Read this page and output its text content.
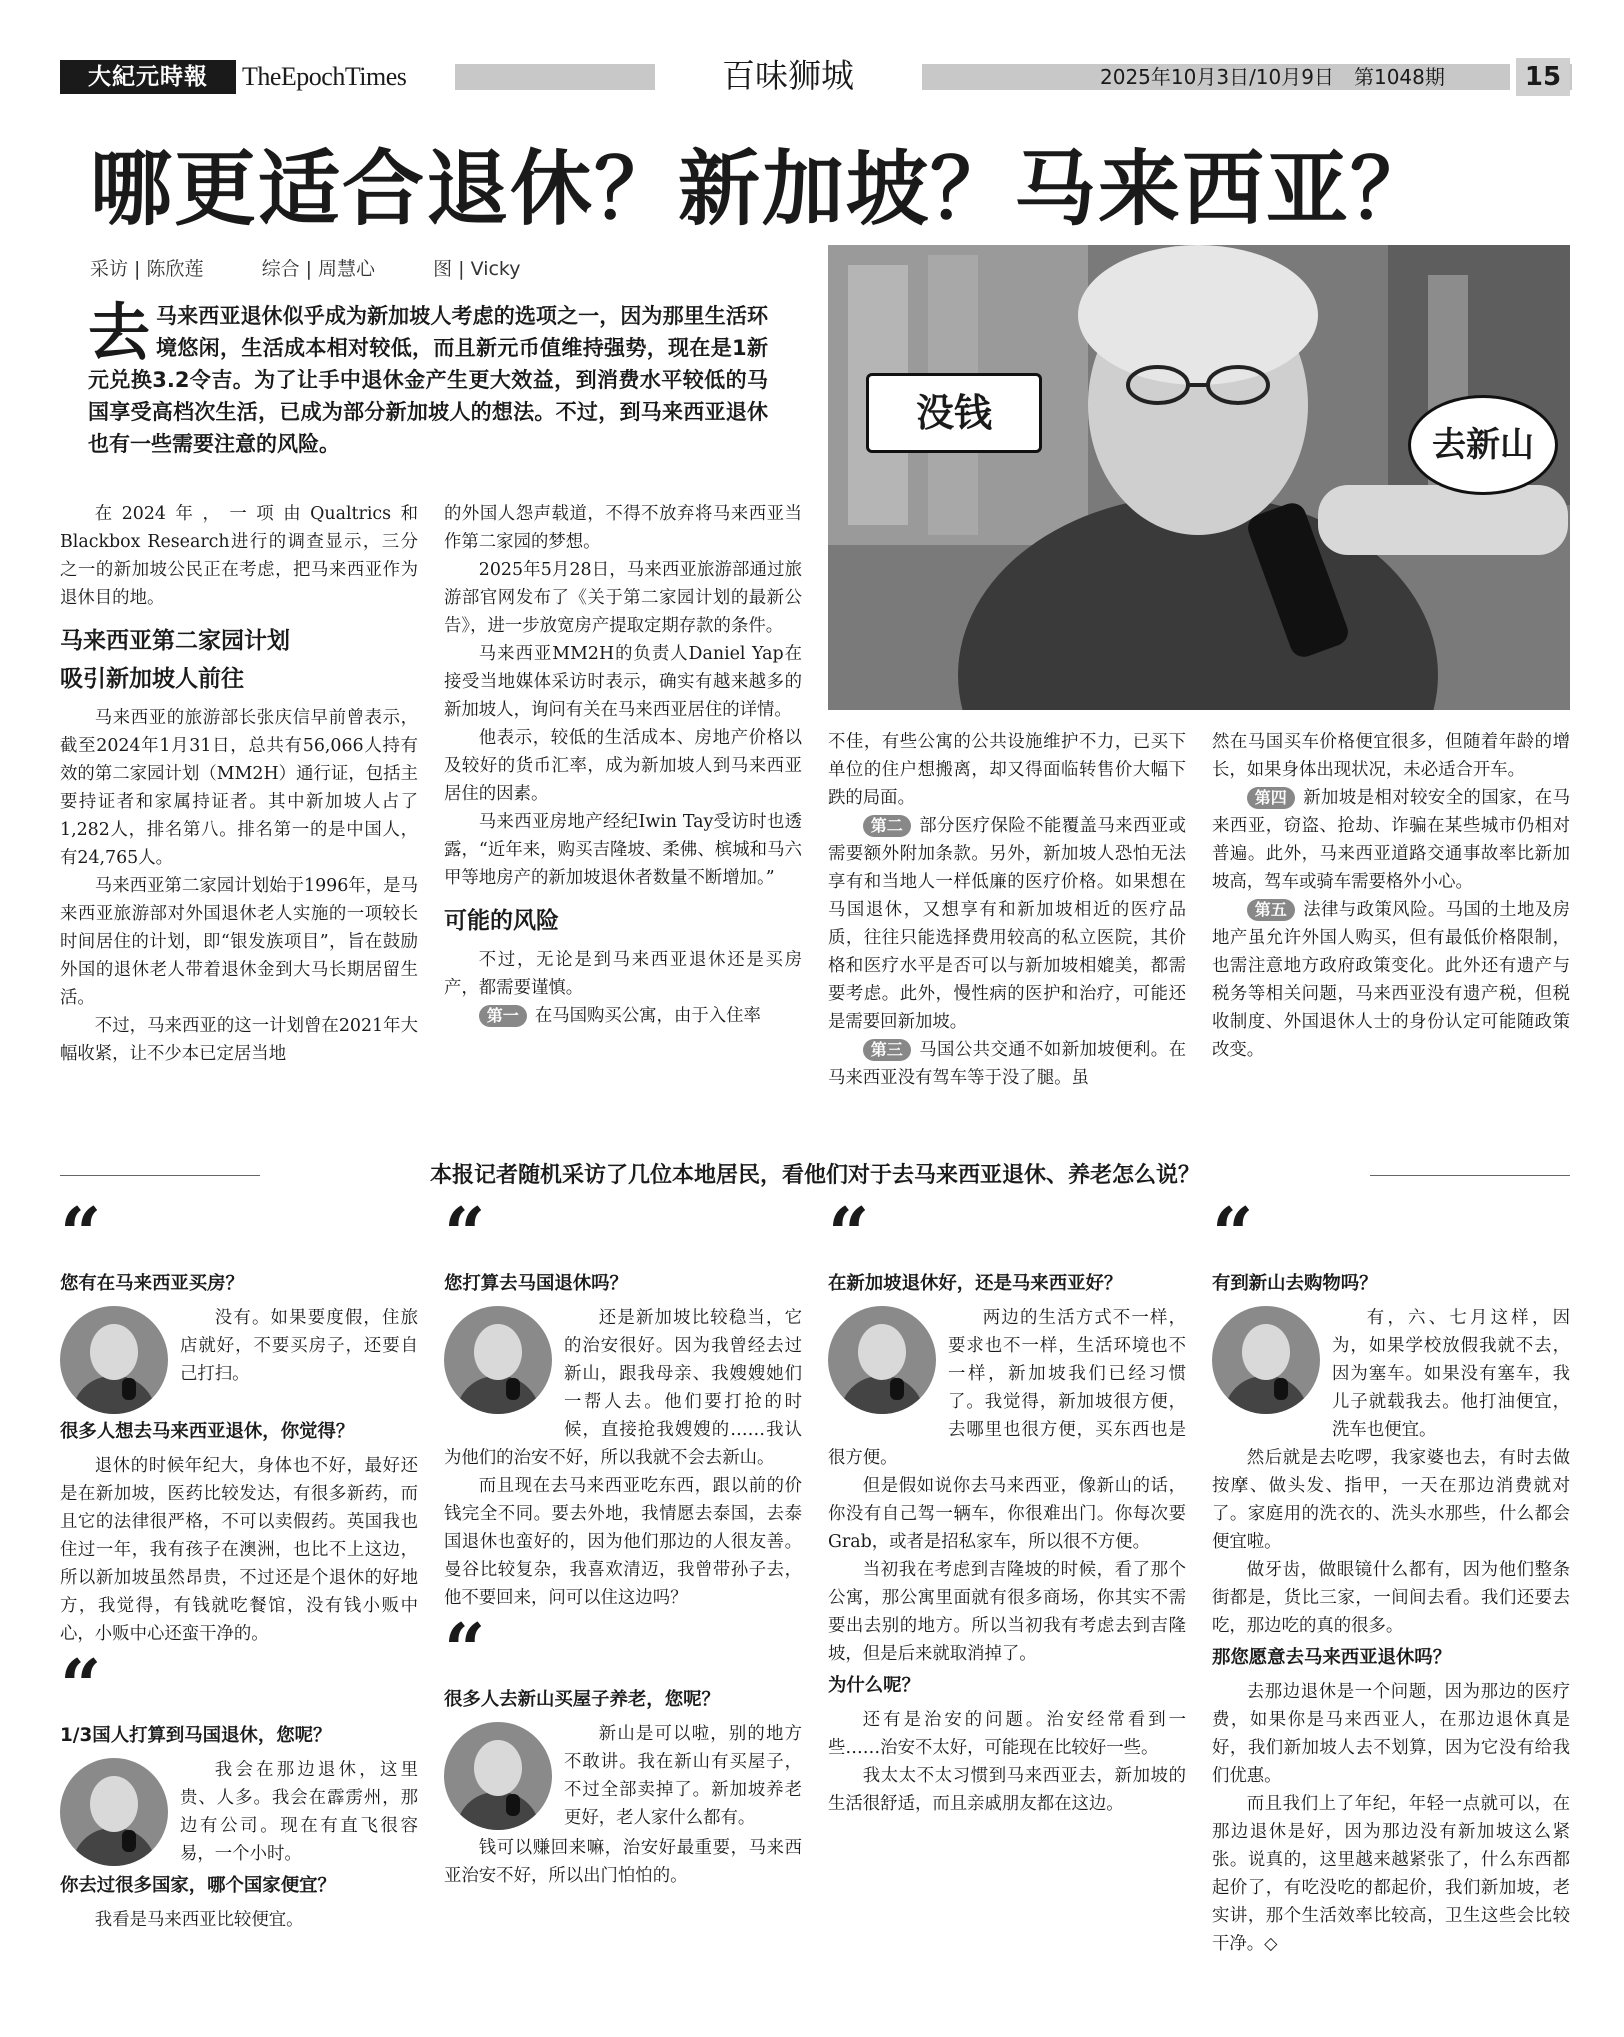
大紀元時報	TheEpochTimes	百味狮城	2025年10月3日/10月9日　第1048期	15
哪更适合退休？新加坡？马来西亚？
采访 | 陈欣莲	综合 | 周慧心	图 | Vicky
去 马来西亚退休似乎成为新加坡人考虑的选项之一，因为那里生活环境悠闲，生活成本相对较低，而且新元币值维持强势，现在是1新元兑换3.2令吉。为了让手中退休金产生更大效益，到消费水平较低的马国享受高档次生活，已成为部分新加坡人的想法。不过，到马来西亚退休也有一些需要注意的风险。
没钱
去新山

在2024年，一项由Qualtrics和Blackbox Research进行的调查显示，三分之一的新加坡公民正在考虑，把马来西亚作为退休目的地。

马来西亚第二家园计划
吸引新加坡人前往

马来西亚的旅游部长张庆信早前曾表示，截至2024年1月31日，总共有56,066人持有效的第二家园计划（MM2H）通行证，包括主要持证者和家属持证者。其中新加坡人占了1,282人，排名第八。排名第一的是中国人，有24,765人。

马来西亚第二家园计划始于1996年，是马来西亚旅游部对外国退休老人实施的一项较长时间居住的计划，即“银发族项目”，旨在鼓励外国的退休老人带着退休金到大马长期居留生活。

不过，马来西亚的这一计划曾在2021年大幅收紧，让不少本已定居当地

的外国人怨声载道，不得不放弃将马来西亚当作第二家园的梦想。

2025年5月28日，马来西亚旅游部通过旅游部官网发布了《关于第二家园计划的最新公告》，进一步放宽房产提取定期存款的条件。

马来西亚MM2H的负责人Daniel Yap在接受当地媒体采访时表示，确实有越来越多的新加坡人，询问有关在马来西亚居住的详情。

他表示，较低的生活成本、房地产价格以及较好的货币汇率，成为新加坡人到马来西亚居住的因素。

马来西亚房地产经纪Iwin Tay受访时也透露，“近年来，购买吉隆坡、柔佛、槟城和马六甲等地房产的新加坡退休者数量不断增加。”

可能的风险

不过，无论是到马来西亚退休还是买房产，都需要谨慎。

第一 在马国购买公寓，由于入住率

不佳，有些公寓的公共设施维护不力，已买下单位的住户想搬离，却又得面临转售价大幅下跌的局面。

第二 部分医疗保险不能覆盖马来西亚或需要额外附加条款。另外，新加坡人恐怕无法享有和当地人一样低廉的医疗价格。如果想在马国退休，又想享有和新加坡相近的医疗品质，往往只能选择费用较高的私立医院，其价格和医疗水平是否可以与新加坡相媲美，都需要考虑。此外，慢性病的医护和治疗，可能还是需要回新加坡。

第三 马国公共交通不如新加坡便利。在马来西亚没有驾车等于没了腿。虽

然在马国买车价格便宜很多，但随着年龄的增长，如果身体出现状况，未必适合开车。

第四 新加坡是相对较安全的国家，在马来西亚，窃盗、抢劫、诈骗在某些城市仍相对普遍。此外，马来西亚道路交通事故率比新加坡高，驾车或骑车需要格外小心。

第五 法律与政策风险。马国的土地及房地产虽允许外国人购买，但有最低价格限制，也需注意地方政府政策变化。此外还有遗产与税务等相关问题，马来西亚没有遗产税，但税收制度、外国退休人士的身份认定可能随政策改变。

本报记者随机采访了几位本地居民，看他们对于去马来西亚退休、养老怎么说？
“
您有在马来西亚买房？

没有。如果要度假，住旅店就好，不要买房子，还要自己打扫。

很多人想去马来西亚退休，你觉得？

退休的时候年纪大，身体也不好，最好还是在新加坡，医药比较发达，有很多新药，而且它的法律很严格，不可以卖假药。英国我也住过一年，我有孩子在澳洲，也比不上这边，所以新加坡虽然昂贵，不过还是个退休的好地方，我觉得，有钱就吃餐馆，没有钱小贩中心，小贩中心还蛮干净的。

“
1/3国人打算到马国退休，您呢？

我会在那边退休，这里贵、人多。我会在霹雳州，那边有公司。现在有直飞很容易，一个小时。

你去过很多国家，哪个国家便宜？

我看是马来西亚比较便宜。

“
您打算去马国退休吗？

还是新加坡比较稳当，它的治安很好。因为我曾经去过新山，跟我母亲、我嫂嫂她们一帮人去。他们要打抢的时候，直接抢我嫂嫂的……我认为他们的治安不好，所以我就不会去新山。

而且现在去马来西亚吃东西，跟以前的价钱完全不同。要去外地，我情愿去泰国，去泰国退休也蛮好的，因为他们那边的人很友善。曼谷比较复杂，我喜欢清迈，我曾带孙子去，他不要回来，问可以住这边吗？

“
很多人去新山买屋子养老，您呢？

新山是可以啦，别的地方不敢讲。我在新山有买屋子，不过全部卖掉了。新加坡养老更好，老人家什么都有。

钱可以赚回来嘛，治安好最重要，马来西亚治安不好，所以出门怕怕的。

“
在新加坡退休好，还是马来西亚好？

两边的生活方式不一样，要求也不一样，生活环境也不一样，新加坡我们已经习惯了。我觉得，新加坡很方便，去哪里也很方便，买东西也是很方便。

但是假如说你去马来西亚，像新山的话，你没有自己驾一辆车，你很难出门。你每次要Grab，或者是招私家车，所以很不方便。

当初我在考虑到吉隆坡的时候，看了那个公寓，那公寓里面就有很多商场，你其实不需要出去别的地方。所以当初我有考虑去到吉隆坡，但是后来就取消掉了。

为什么呢？

还有是治安的问题。治安经常看到一些……治安不太好，可能现在比较好一些。

我太太不太习惯到马来西亚去，新加坡的生活很舒适，而且亲戚朋友都在这边。

“
有到新山去购物吗？

有，六、七月这样，因为，如果学校放假我就不去，因为塞车。如果没有塞车，我儿子就载我去。他打油便宜，洗车也便宜。

然后就是去吃啰，我家婆也去，有时去做按摩、做头发、指甲，一天在那边消费就对了。家庭用的洗衣的、洗头水那些，什么都会便宜啦。

做牙齿，做眼镜什么都有，因为他们整条街都是，货比三家，一间间去看。我们还要去吃，那边吃的真的很多。

那您愿意去马来西亚退休吗？

去那边退休是一个问题，因为那边的医疗费，如果你是马来西亚人，在那边退休真是好，我们新加坡人去不划算，因为它没有给我们优惠。

而且我们上了年纪，年轻一点就可以，在那边退休是好，因为那边没有新加坡这么紧张。说真的，这里越来越紧张了，什么东西都起价了，有吃没吃的都起价，我们新加坡，老实讲，那个生活效率比较高，卫生这些会比较干净。◇
